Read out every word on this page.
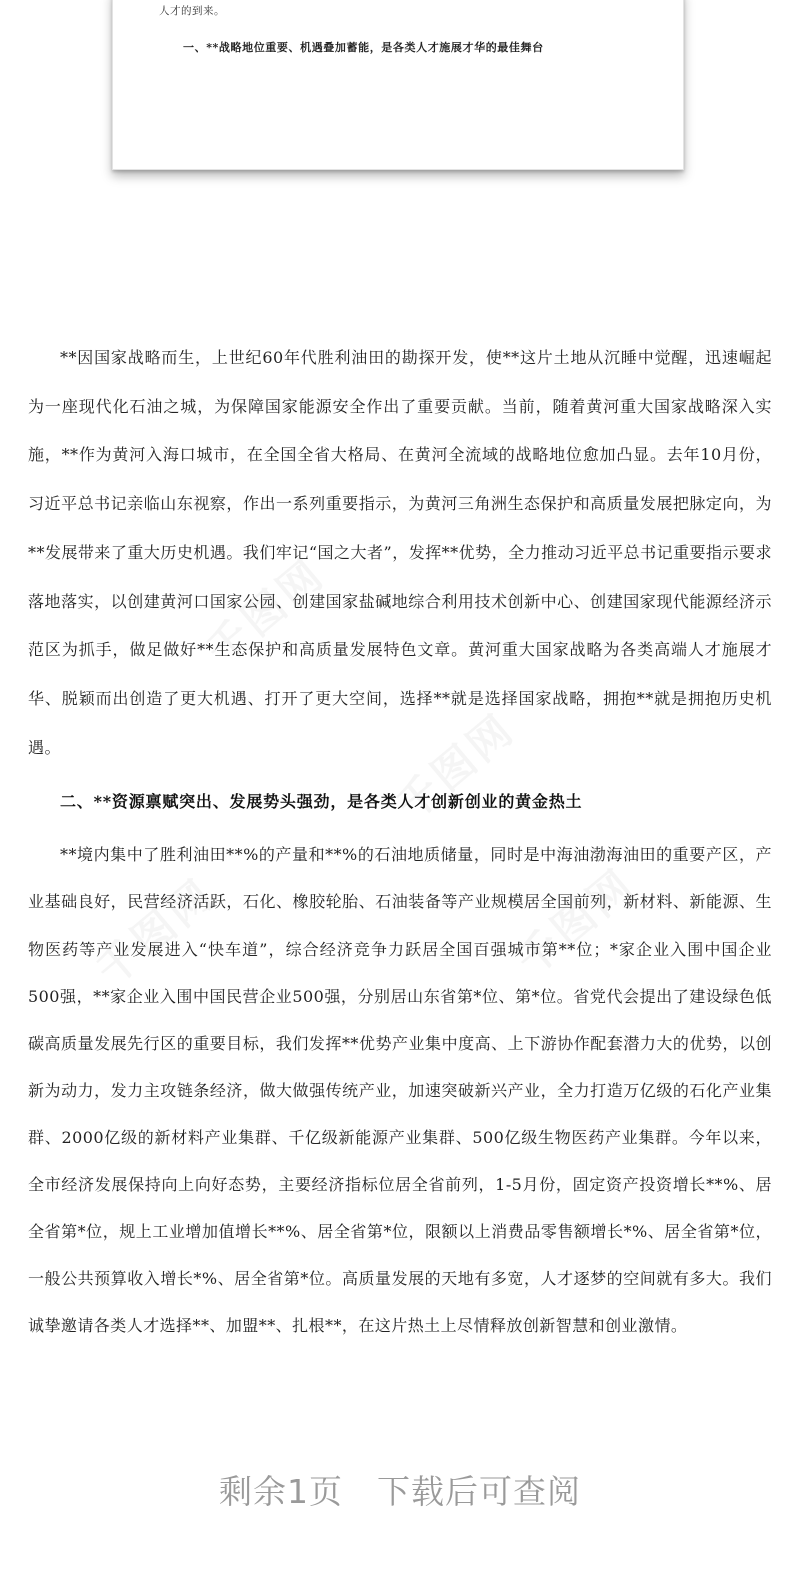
人才的到来。
一、**战略地位重要、机遇叠加蓄能，是各类人才施展才华的最佳舞台
千图网
千图网
千图网
千图网

**因国家战略而生，上世纪60年代胜利油田的勘探开发，使**这片土地从沉睡中觉醒，迅速崛起为一座现代化石油之城，为保障国家能源安全作出了重要贡献。当前，随着黄河重大国家战略深入实施，**作为黄河入海口城市，在全国全省大格局、在黄河全流域的战略地位愈加凸显。去年10月份，习近平总书记亲临山东视察，作出一系列重要指示，为黄河三角洲生态保护和高质量发展把脉定向，为**发展带来了重大历史机遇。我们牢记“国之大者”，发挥**优势，全力推动习近平总书记重要指示要求落地落实，以创建黄河口国家公园、创建国家盐碱地综合利用技术创新中心、创建国家现代能源经济示范区为抓手，做足做好**生态保护和高质量发展特色文章。黄河重大国家战略为各类高端人才施展才华、脱颖而出创造了更大机遇、打开了更大空间，选择**就是选择国家战略，拥抱**就是拥抱历史机遇。

二、**资源禀赋突出、发展势头强劲，是各类人才创新创业的黄金热土

**境内集中了胜利油田**%的产量和**%的石油地质储量，同时是中海油渤海油田的重要产区，产业基础良好，民营经济活跃，石化、橡胶轮胎、石油装备等产业规模居全国前列，新材料、新能源、生物医药等产业发展进入“快车道”，综合经济竞争力跃居全国百强城市第**位；*家企业入围中国企业500强，**家企业入围中国民营企业500强，分别居山东省第*位、第*位。省党代会提出了建设绿色低碳高质量发展先行区的重要目标，我们发挥**优势产业集中度高、上下游协作配套潜力大的优势，以创新为动力，发力主攻链条经济，做大做强传统产业，加速突破新兴产业，全力打造万亿级的石化产业集群、2000亿级的新材料产业集群、千亿级新能源产业集群、500亿级生物医药产业集群。今年以来，全市经济发展保持向上向好态势，主要经济指标位居全省前列，1-5月份，固定资产投资增长**%、居全省第*位，规上工业增加值增长**%、居全省第*位，限额以上消费品零售额增长*%、居全省第*位，一般公共预算收入增长*%、居全省第*位。高质量发展的天地有多宽，人才逐梦的空间就有多大。我们诚挚邀请各类人才选择**、加盟**、扎根**，在这片热土上尽情释放创新智慧和创业激情。

剩余1页 下载后可查阅
